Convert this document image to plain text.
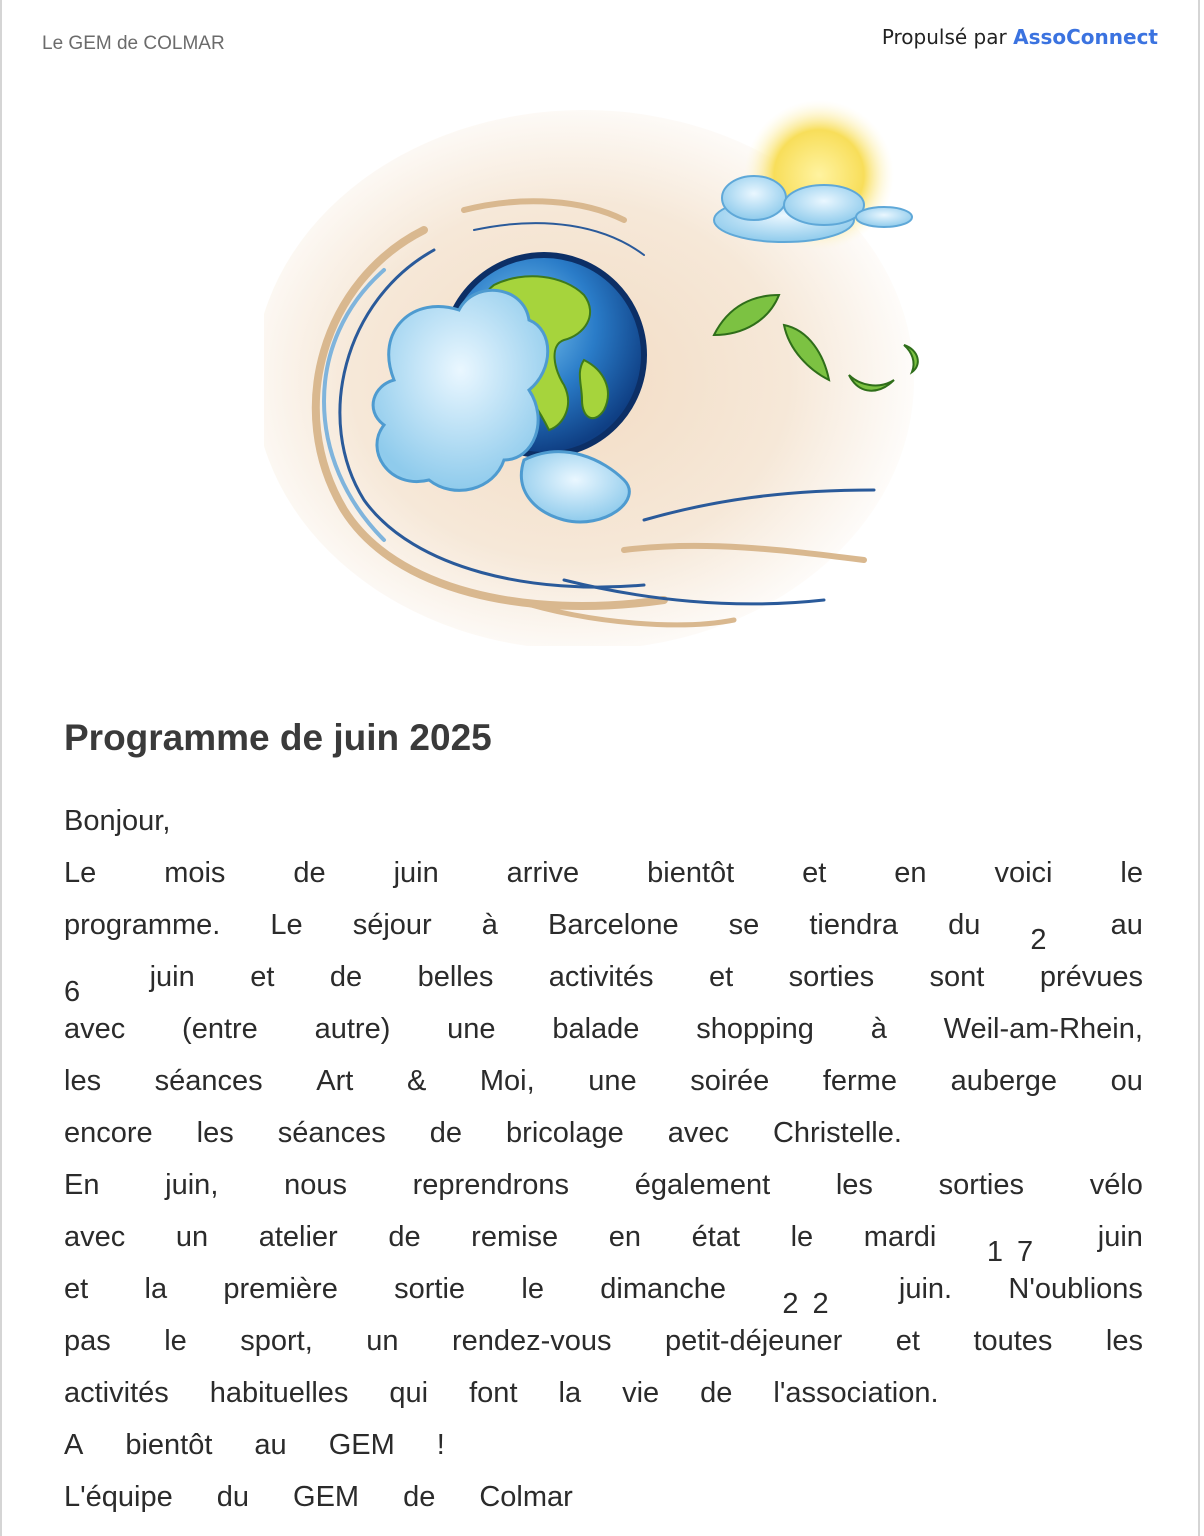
Le GEM de COLMAR	Propulsé par AssoConnect
Programme de juin 2025

Bonjour,

Le mois de juin arrive bientôt et en voici le
programme. Le séjour à Barcelone se tiendra du 2 au
6 juin et de belles activités et sorties sont prévues
avec (entre autre) une balade shopping à Weil-am-Rhein,
les séances Art & Moi, une soirée ferme auberge ou
encore les séances de bricolage avec Christelle.
En juin, nous reprendrons également les sorties vélo
avec un atelier de remise en état le mardi 17 juin
et la première sortie le dimanche 22 juin. N'oublions
pas le sport, un rendez-vous petit-déjeuner et toutes les
activités habituelles qui font la vie de l'association.
A bientôt au GEM !
L'équipe du GEM de Colmar
